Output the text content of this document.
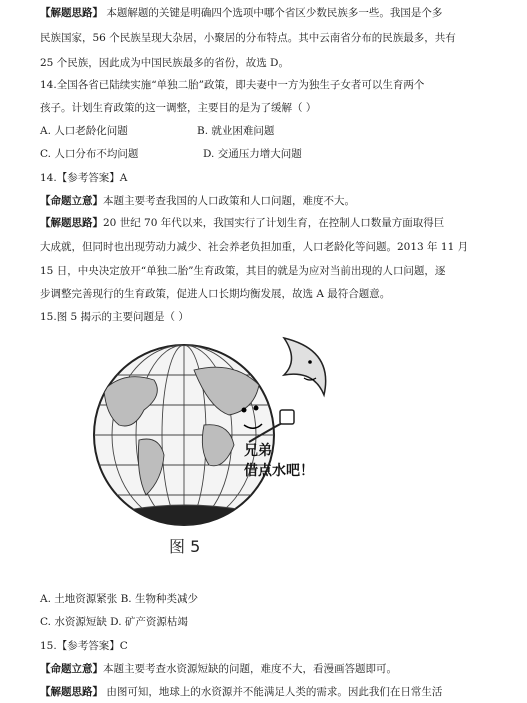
【解题思路】 本题解题的关键是明确四个选项中哪个省区少数民族多一些。我国是个多
民族国家，56 个民族呈现大杂居，小聚居的分布特点。其中云南省分布的民族最多，共有
25 个民族，因此成为中国民族最多的省份，故选 D。
14.全国各省已陆续实施“单独二胎”政策，即夫妻中一方为独生子女者可以生育两个
孩子。计划生育政策的这一调整，主要目的是为了缓解（ ）
A. 人口老龄化问题	B. 就业困难问题
C. 人口分布不均问题	D. 交通压力增大问题
14.【参考答案】A
【命题立意】本题主要考查我国的人口政策和人口问题，难度不大。
【解题思路】20 世纪 70 年代以来，我国实行了计划生育，在控制人口数量方面取得巨
大成就，但同时也出现劳动力减少、社会养老负担加重，人口老龄化等问题。2013 年 11 月
15 日，中央决定放开“单独二胎”生育政策，其目的就是为应对当前出现的人口问题，逐
步调整完善现行的生育政策，促进人口长期均衡发展，故选 A 最符合题意。
15.图 5 揭示的主要问题是（ ）
兄弟
借点水吧！
图 5
A. 土地资源紧张 B. 生物种类减少
C. 水资源短缺 D. 矿产资源枯竭
15.【参考答案】C
【命题立意】本题主要考查水资源短缺的问题，难度不大，看漫画答题即可。
【解题思路】 由图可知，地球上的水资源并不能满足人类的需求。因此我们在日常生活
